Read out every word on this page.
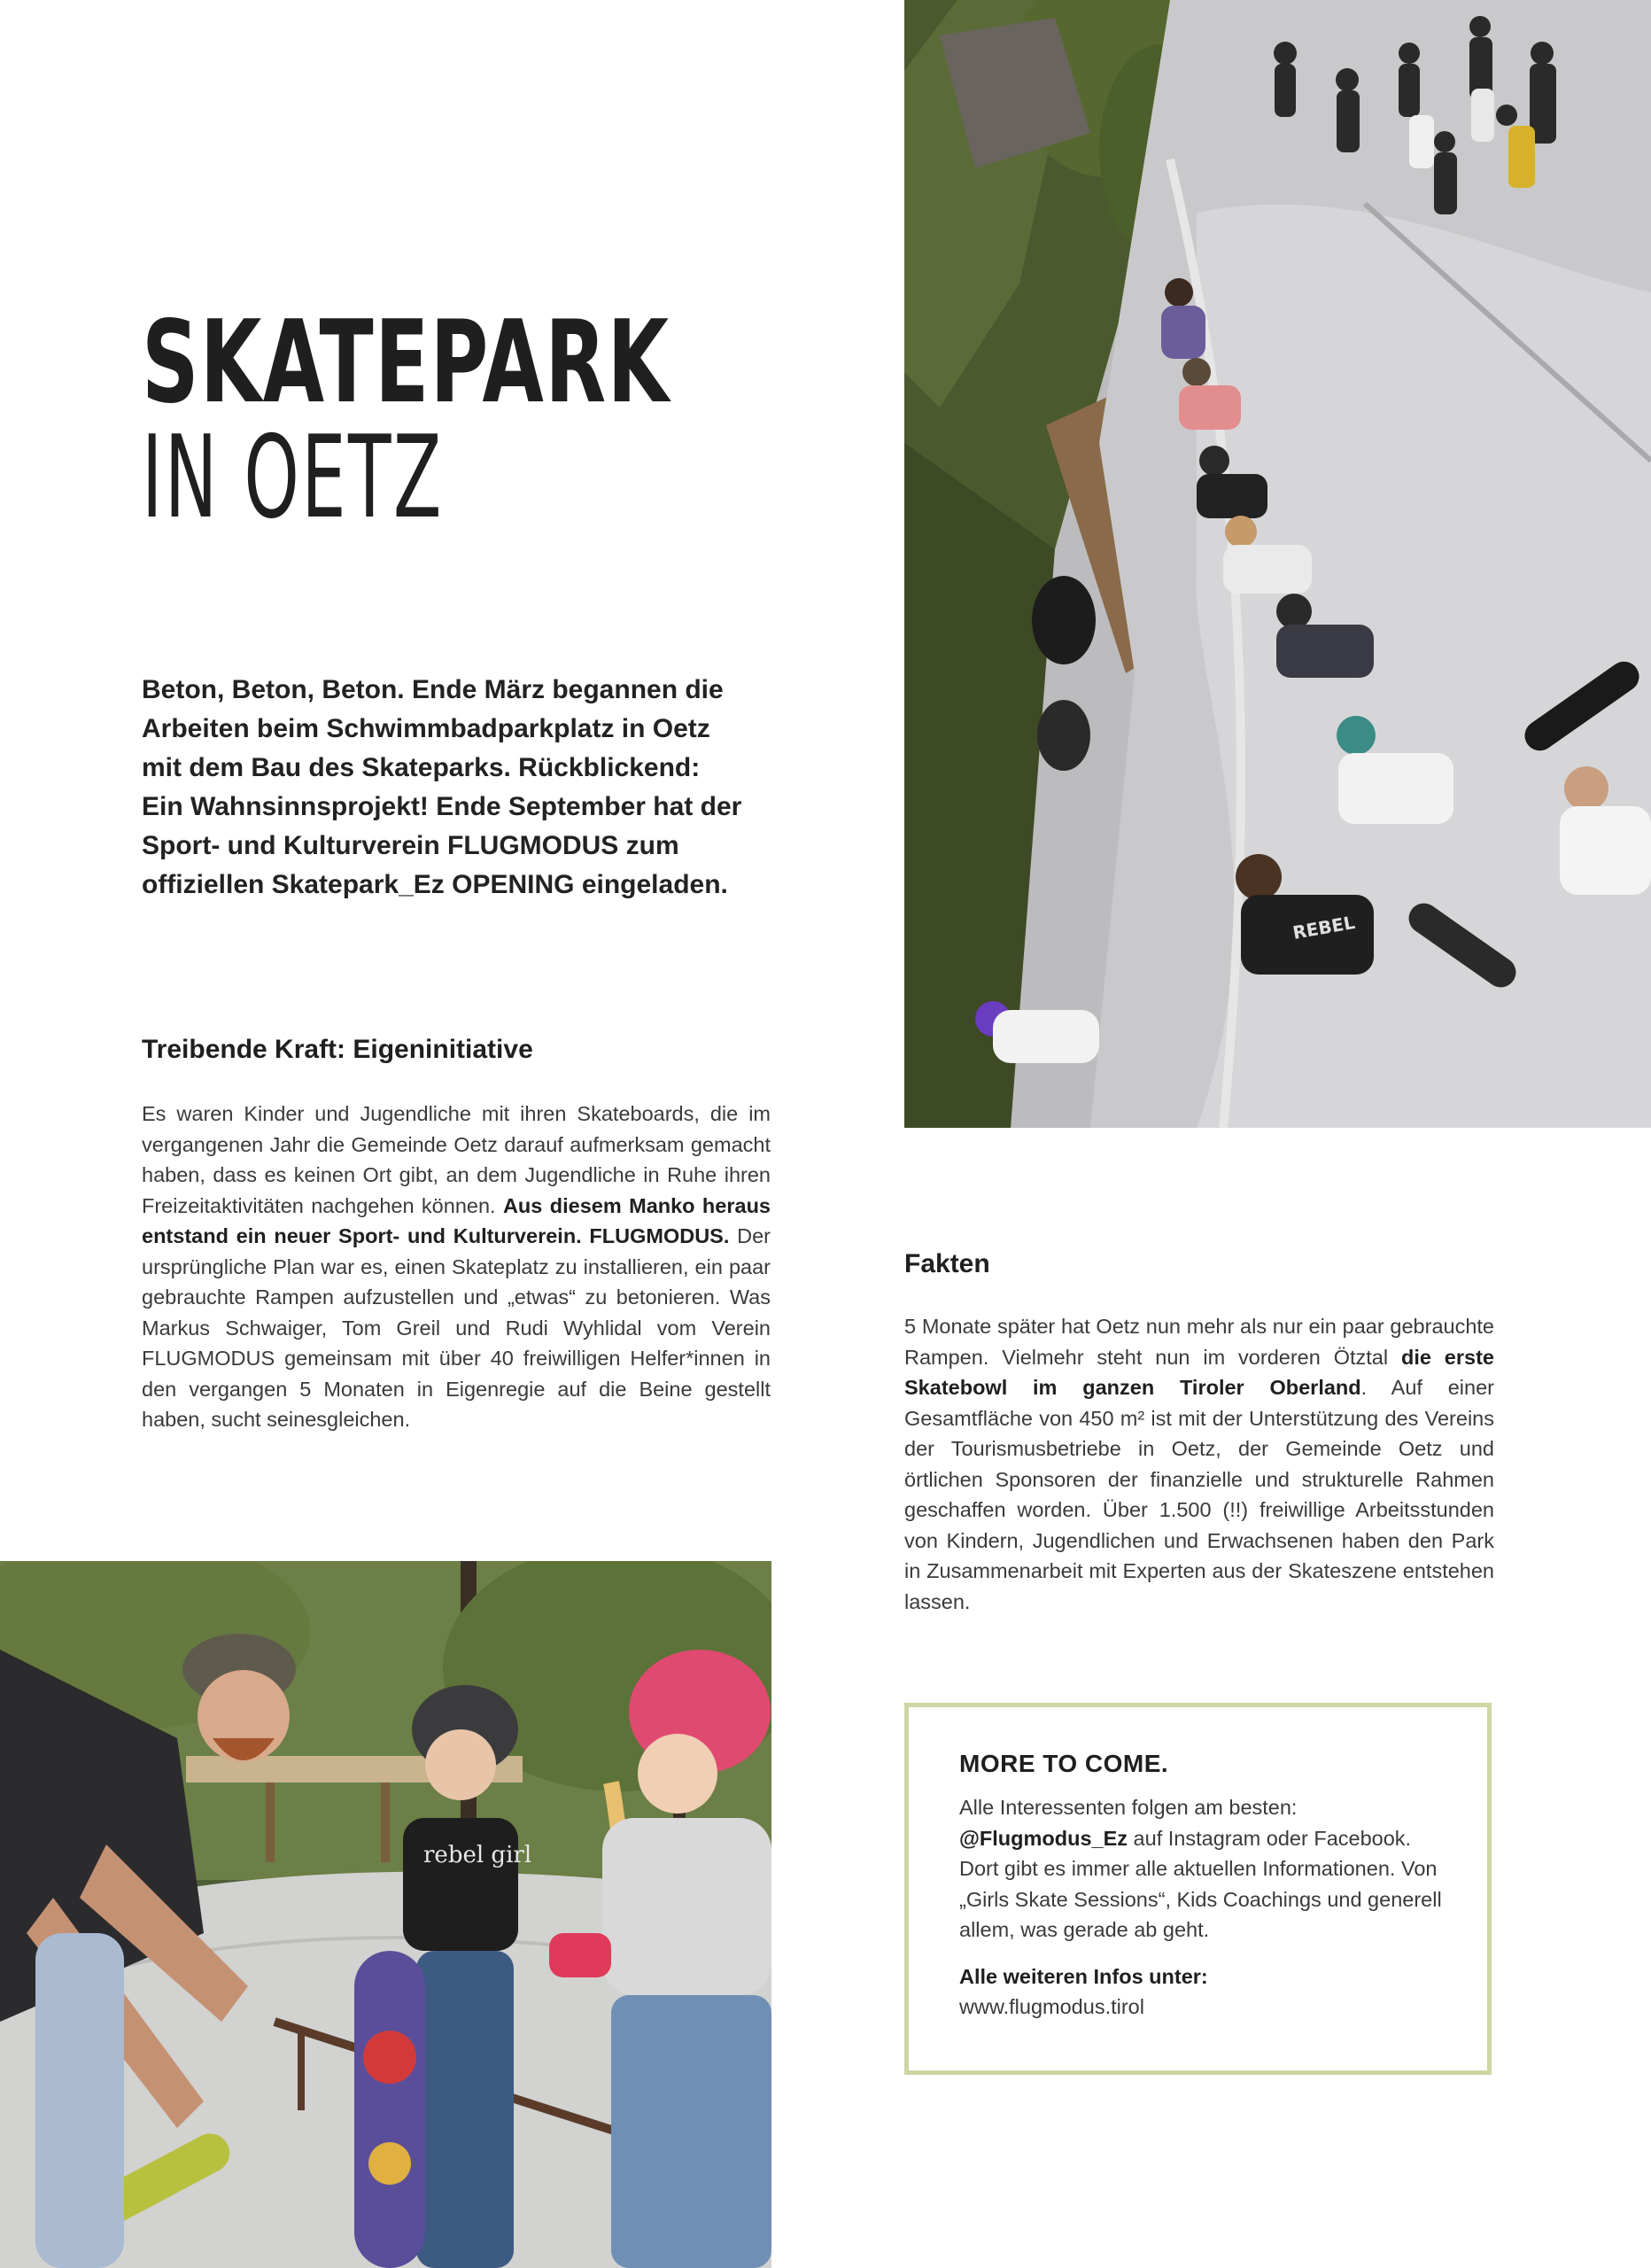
SKATEPARK
IN OETZ
Beton, Beton, Beton. Ende März begannen die
Arbeiten beim Schwimmbadparkplatz in Oetz
mit dem Bau des Skateparks. Rückblickend:
Ein Wahnsinnsprojekt! Ende September hat der
Sport- und Kulturverein FLUGMODUS zum
offiziellen Skatepark_Ez OPENING eingeladen.
Treibende Kraft: Eigeninitiative
Es waren Kinder und Jugendliche mit ihren Skateboards, die im vergangenen Jahr die Gemeinde Oetz darauf aufmerksam gemacht haben, dass es keinen Ort gibt, an dem Jugendliche in Ruhe ihren Freizeitaktivitäten nachgehen können. Aus diesem Manko heraus entstand ein neuer Sport- und Kulturverein. FLUGMODUS. Der ursprüngliche Plan war es, einen Skateplatz zu installieren, ein paar gebrauchte Rampen aufzustellen und „etwas“ zu betonieren. Was Markus Schwaiger, Tom Greil und Rudi Wyhlidal vom Verein FLUGMODUS gemeinsam mit über 40 freiwilligen Helfer*innen in den vergangen 5 Monaten in Eigenregie auf die Beine gestellt haben, sucht seinesgleichen.
Fakten
5 Monate später hat Oetz nun mehr als nur ein paar gebrauchte Rampen. Vielmehr steht nun im vorderen Ötztal die erste Skatebowl im ganzen Tiroler Oberland. Auf einer Gesamtfläche von 450 m² ist mit der Unterstützung des Vereins der Tourismusbetriebe in Oetz, der Gemeinde Oetz und örtlichen Sponsoren der finanzielle und strukturelle Rahmen geschaffen worden. Über 1.500 (!!) freiwillige Arbeitsstunden von Kindern, Jugendlichen und Erwachsenen haben den Park in Zusammenarbeit mit Experten aus der Skateszene entstehen lassen.
MORE TO COME.
Alle Interessenten folgen am besten:
@Flugmodus_Ez auf Instagram oder Facebook. Dort gibt es immer alle aktuellen Informationen. Von „Girls Skate Sessions“, Kids Coachings und generell allem, was gerade ab geht.
Alle weiteren Infos unter:
www.flugmodus.tirol
REBEL
rebel girl
